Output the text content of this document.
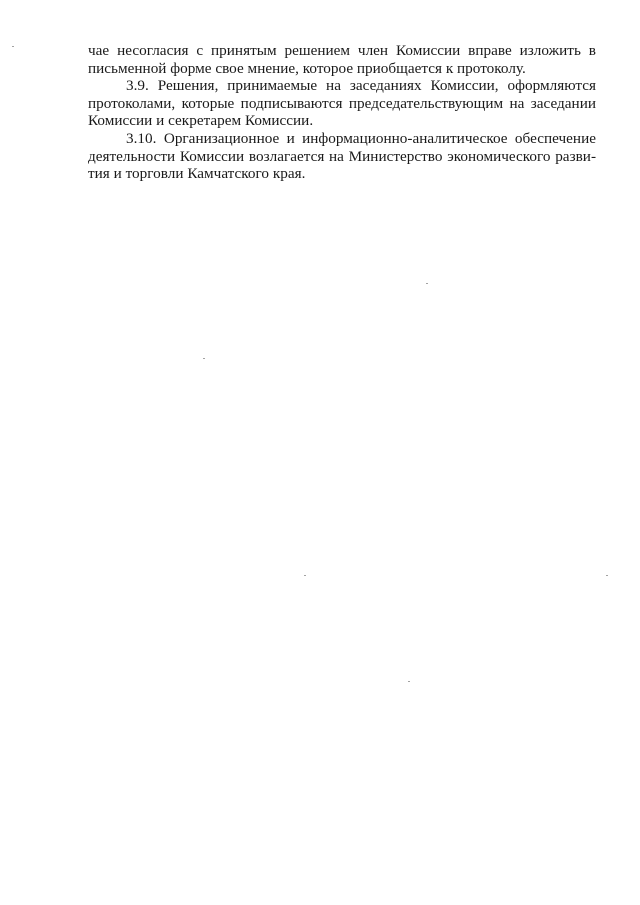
чае несогласия с принятым решением член Комиссии вправе изложить в письменной форме свое мнение, которое приобщается к протоколу.

3.9. Решения, принимаемые на заседаниях Комиссии, оформляются протоколами, которые подписываются председательствующим на заседании Комиссии и секретарем Комиссии.

3.10. Организационное и информационно-аналитическое обеспечение деятельности Комиссии возлагается на Министерство экономического развития и торговли Камчатского края.
